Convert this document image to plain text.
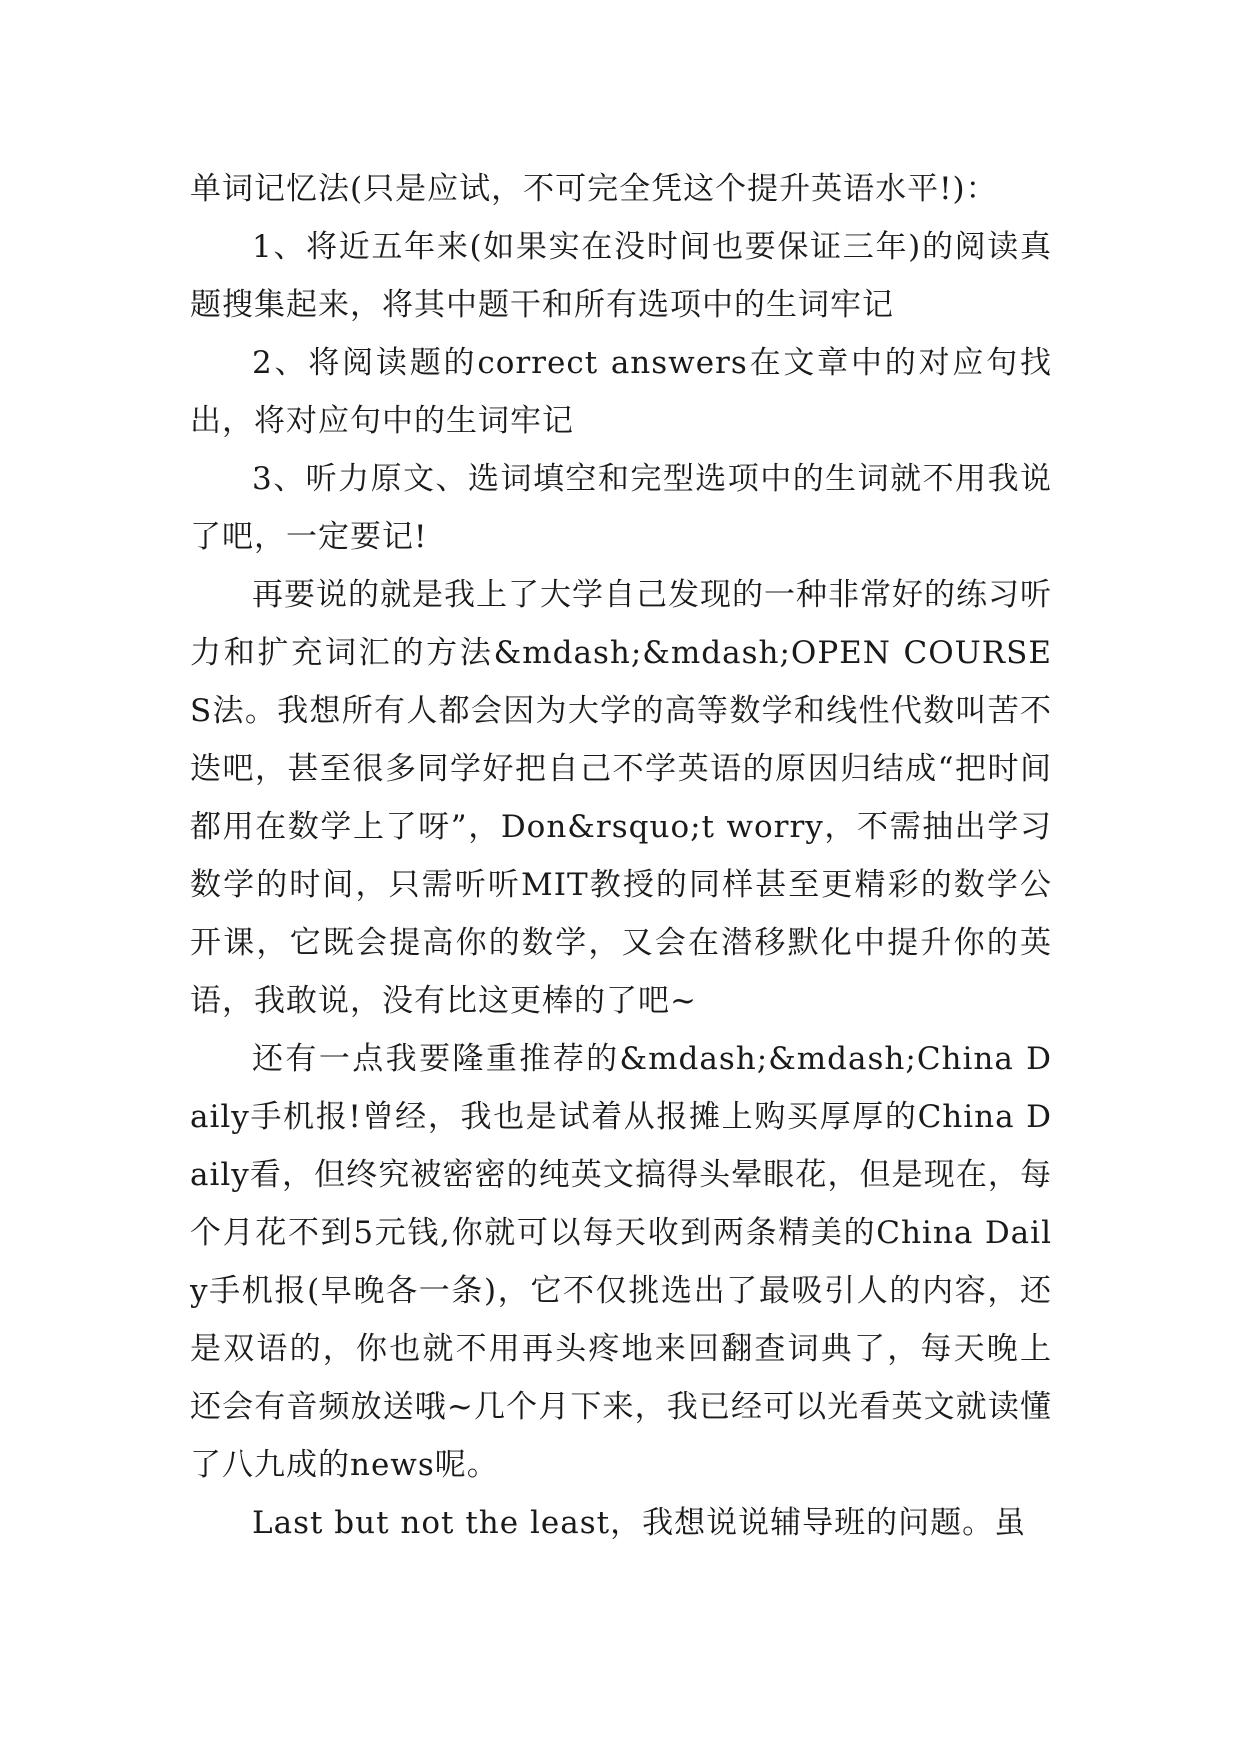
单词记忆法(只是应试，不可完全凭这个提升英语水平!)：

1、将近五年来(如果实在没时间也要保证三年)的阅读真题搜集起来，将其中题干和所有选项中的生词牢记

2、将阅读题的correct answers在文章中的对应句找出，将对应句中的生词牢记

3、听力原文、选词填空和完型选项中的生词就不用我说了吧，一定要记!

再要说的就是我上了大学自己发现的一种非常好的练习听力和扩充词汇的方法&mdash;&mdash;OPEN COURSES法。我想所有人都会因为大学的高等数学和线性代数叫苦不迭吧，甚至很多同学好把自己不学英语的原因归结成“把时间都用在数学上了呀”，Don&rsquo;t worry，不需抽出学习数学的时间，只需听听MIT教授的同样甚至更精彩的数学公开课，它既会提高你的数学，又会在潜移默化中提升你的英语，我敢说，没有比这更棒的了吧~

还有一点我要隆重推荐的&mdash;&mdash;China Daily手机报!曾经，我也是试着从报摊上购买厚厚的China Daily看，但终究被密密的纯英文搞得头晕眼花，但是现在，每个月花不到5元钱,你就可以每天收到两条精美的China Daily手机报(早晚各一条)，它不仅挑选出了最吸引人的内容，还是双语的，你也就不用再头疼地来回翻查词典了，每天晚上还会有音频放送哦~几个月下来，我已经可以光看英文就读懂了八九成的news呢。

Last but not the least，我想说说辅导班的问题。虽
